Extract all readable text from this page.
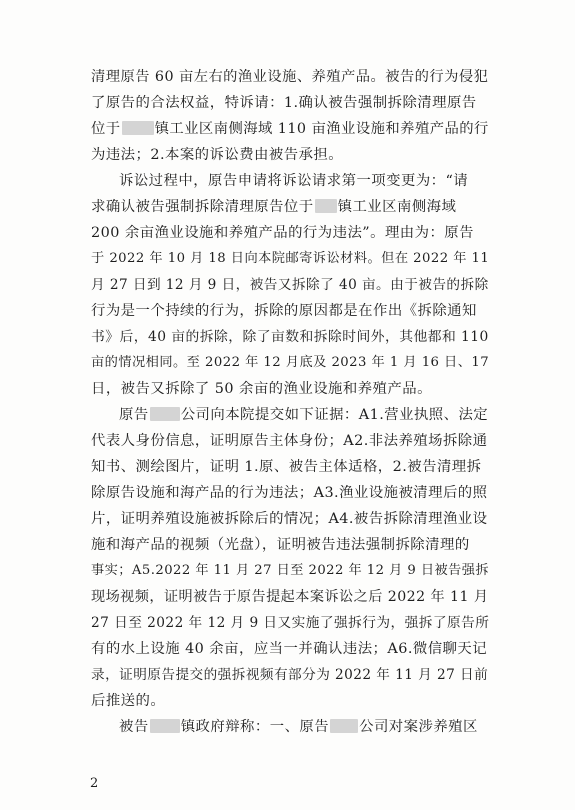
清理原告 60 亩左右的渔业设施、养殖产品。被告的行为侵犯
了原告的合法权益，特诉请：1.确认被告强制拆除清理原告
位于 镇工业区南侧海域 110 亩渔业设施和养殖产品的行
为违法；2.本案的诉讼费由被告承担。
诉讼过程中，原告申请将诉讼请求第一项变更为：“请
求确认被告强制拆除清理原告位于 镇工业区南侧海域
200 余亩渔业设施和养殖产品的行为违法”。理由为：原告
于 2022 年 10 月 18 日向本院邮寄诉讼材料。但在 2022 年 11
月 27 日到 12 月 9 日，被告又拆除了 40 亩。由于被告的拆除
行为是一个持续的行为，拆除的原因都是在作出《拆除通知
书》后，40 亩的拆除，除了亩数和拆除时间外，其他都和 110
亩的情况相同。至 2022 年 12 月底及 2023 年 1 月 16 日、17
日，被告又拆除了 50 余亩的渔业设施和养殖产品。
原告 公司向本院提交如下证据：A1.营业执照、法定
代表人身份信息，证明原告主体身份；A2.非法养殖场拆除通
知书、测绘图片，证明 1.原、被告主体适格，2.被告清理拆
除原告设施和海产品的行为违法；A3.渔业设施被清理后的照
片，证明养殖设施被拆除后的情况；A4.被告拆除清理渔业设
施和海产品的视频（光盘），证明被告违法强制拆除清理的
事实；A5.2022 年 11 月 27 日至 2022 年 12 月 9 日被告强拆
现场视频，证明被告于原告提起本案诉讼之后 2022 年 11 月
27 日至 2022 年 12 月 9 日又实施了强拆行为，强拆了原告所
有的水上设施 40 余亩，应当一并确认违法；A6.微信聊天记
录，证明原告提交的强拆视频有部分为 2022 年 11 月 27 日前
后推送的。
被告 镇政府辩称：一、原告 公司对案涉养殖区
2
